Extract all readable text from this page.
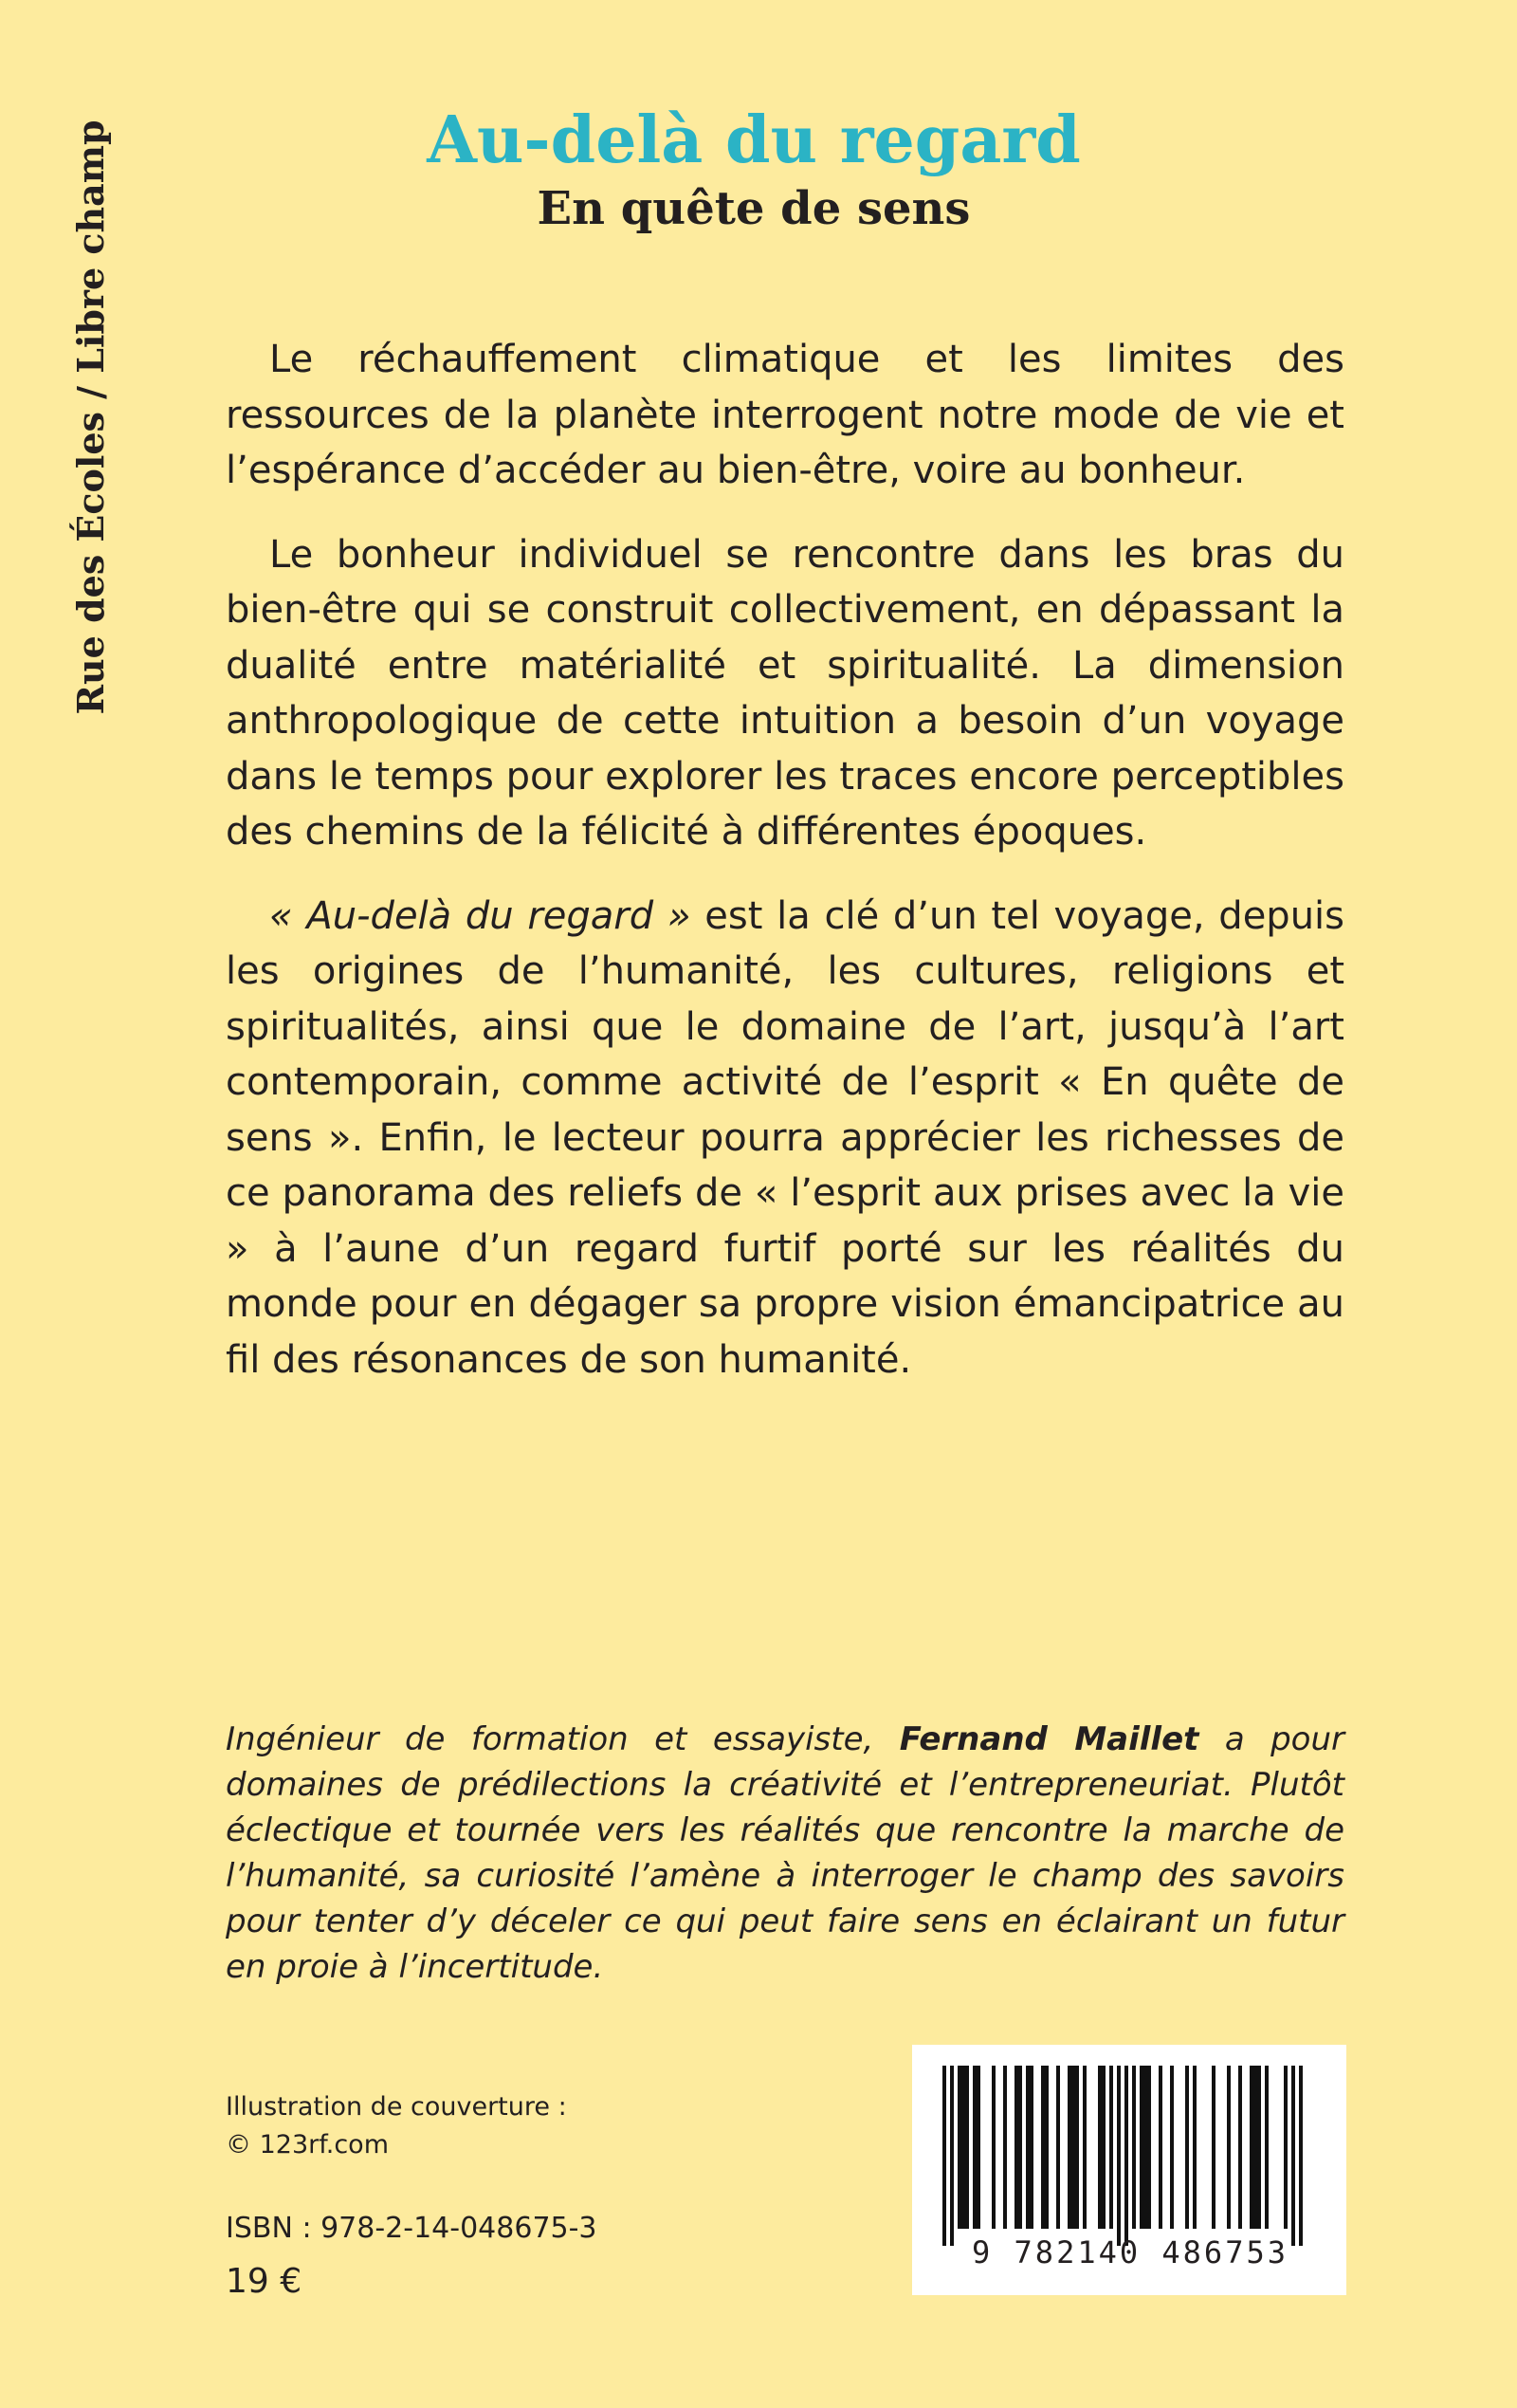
Rue des Écoles / Libre champ	Au-delà du regard
En quête de sens

Le réchauffement climatique et les limites des ressources de la planète interrogent notre mode de vie et l’espérance d’accéder au bien-être, voire au bonheur.

Le bonheur individuel se rencontre dans les bras du bien-être qui se construit collectivement, en dépassant la dualité entre matérialité et spiritualité. La dimension anthropologique de cette intuition a besoin d’un voyage dans le temps pour explorer les traces encore perceptibles des chemins de la félicité à différentes époques.

« Au-delà du regard » est la clé d’un tel voyage, depuis les origines de l’humanité, les cultures, religions et spiritualités, ainsi que le domaine de l’art, jusqu’à l’art contemporain, comme activité de l’esprit « En quête de sens ». Enfin, le lecteur pourra apprécier les richesses de ce panorama des reliefs de « l’esprit aux prises avec la vie » à l’aune d’un regard furtif porté sur les réalités du monde pour en dégager sa propre vision émancipatrice au fil des résonances de son humanité.

Ingénieur de formation et essayiste, Fernand Maillet a pour domaines de prédilections la créativité et l’entrepreneuriat. Plutôt éclectique et tournée vers les réalités que rencontre la marche de l’humanité, sa curiosité l’amène à interroger le champ des savoirs pour tenter d’y déceler ce qui peut faire sens en éclairant un futur en proie à l’incertitude.

Illustration de couverture :
© 123rf.com
ISBN : 978-2-14-048675-3
19 €
9 782140 486753
